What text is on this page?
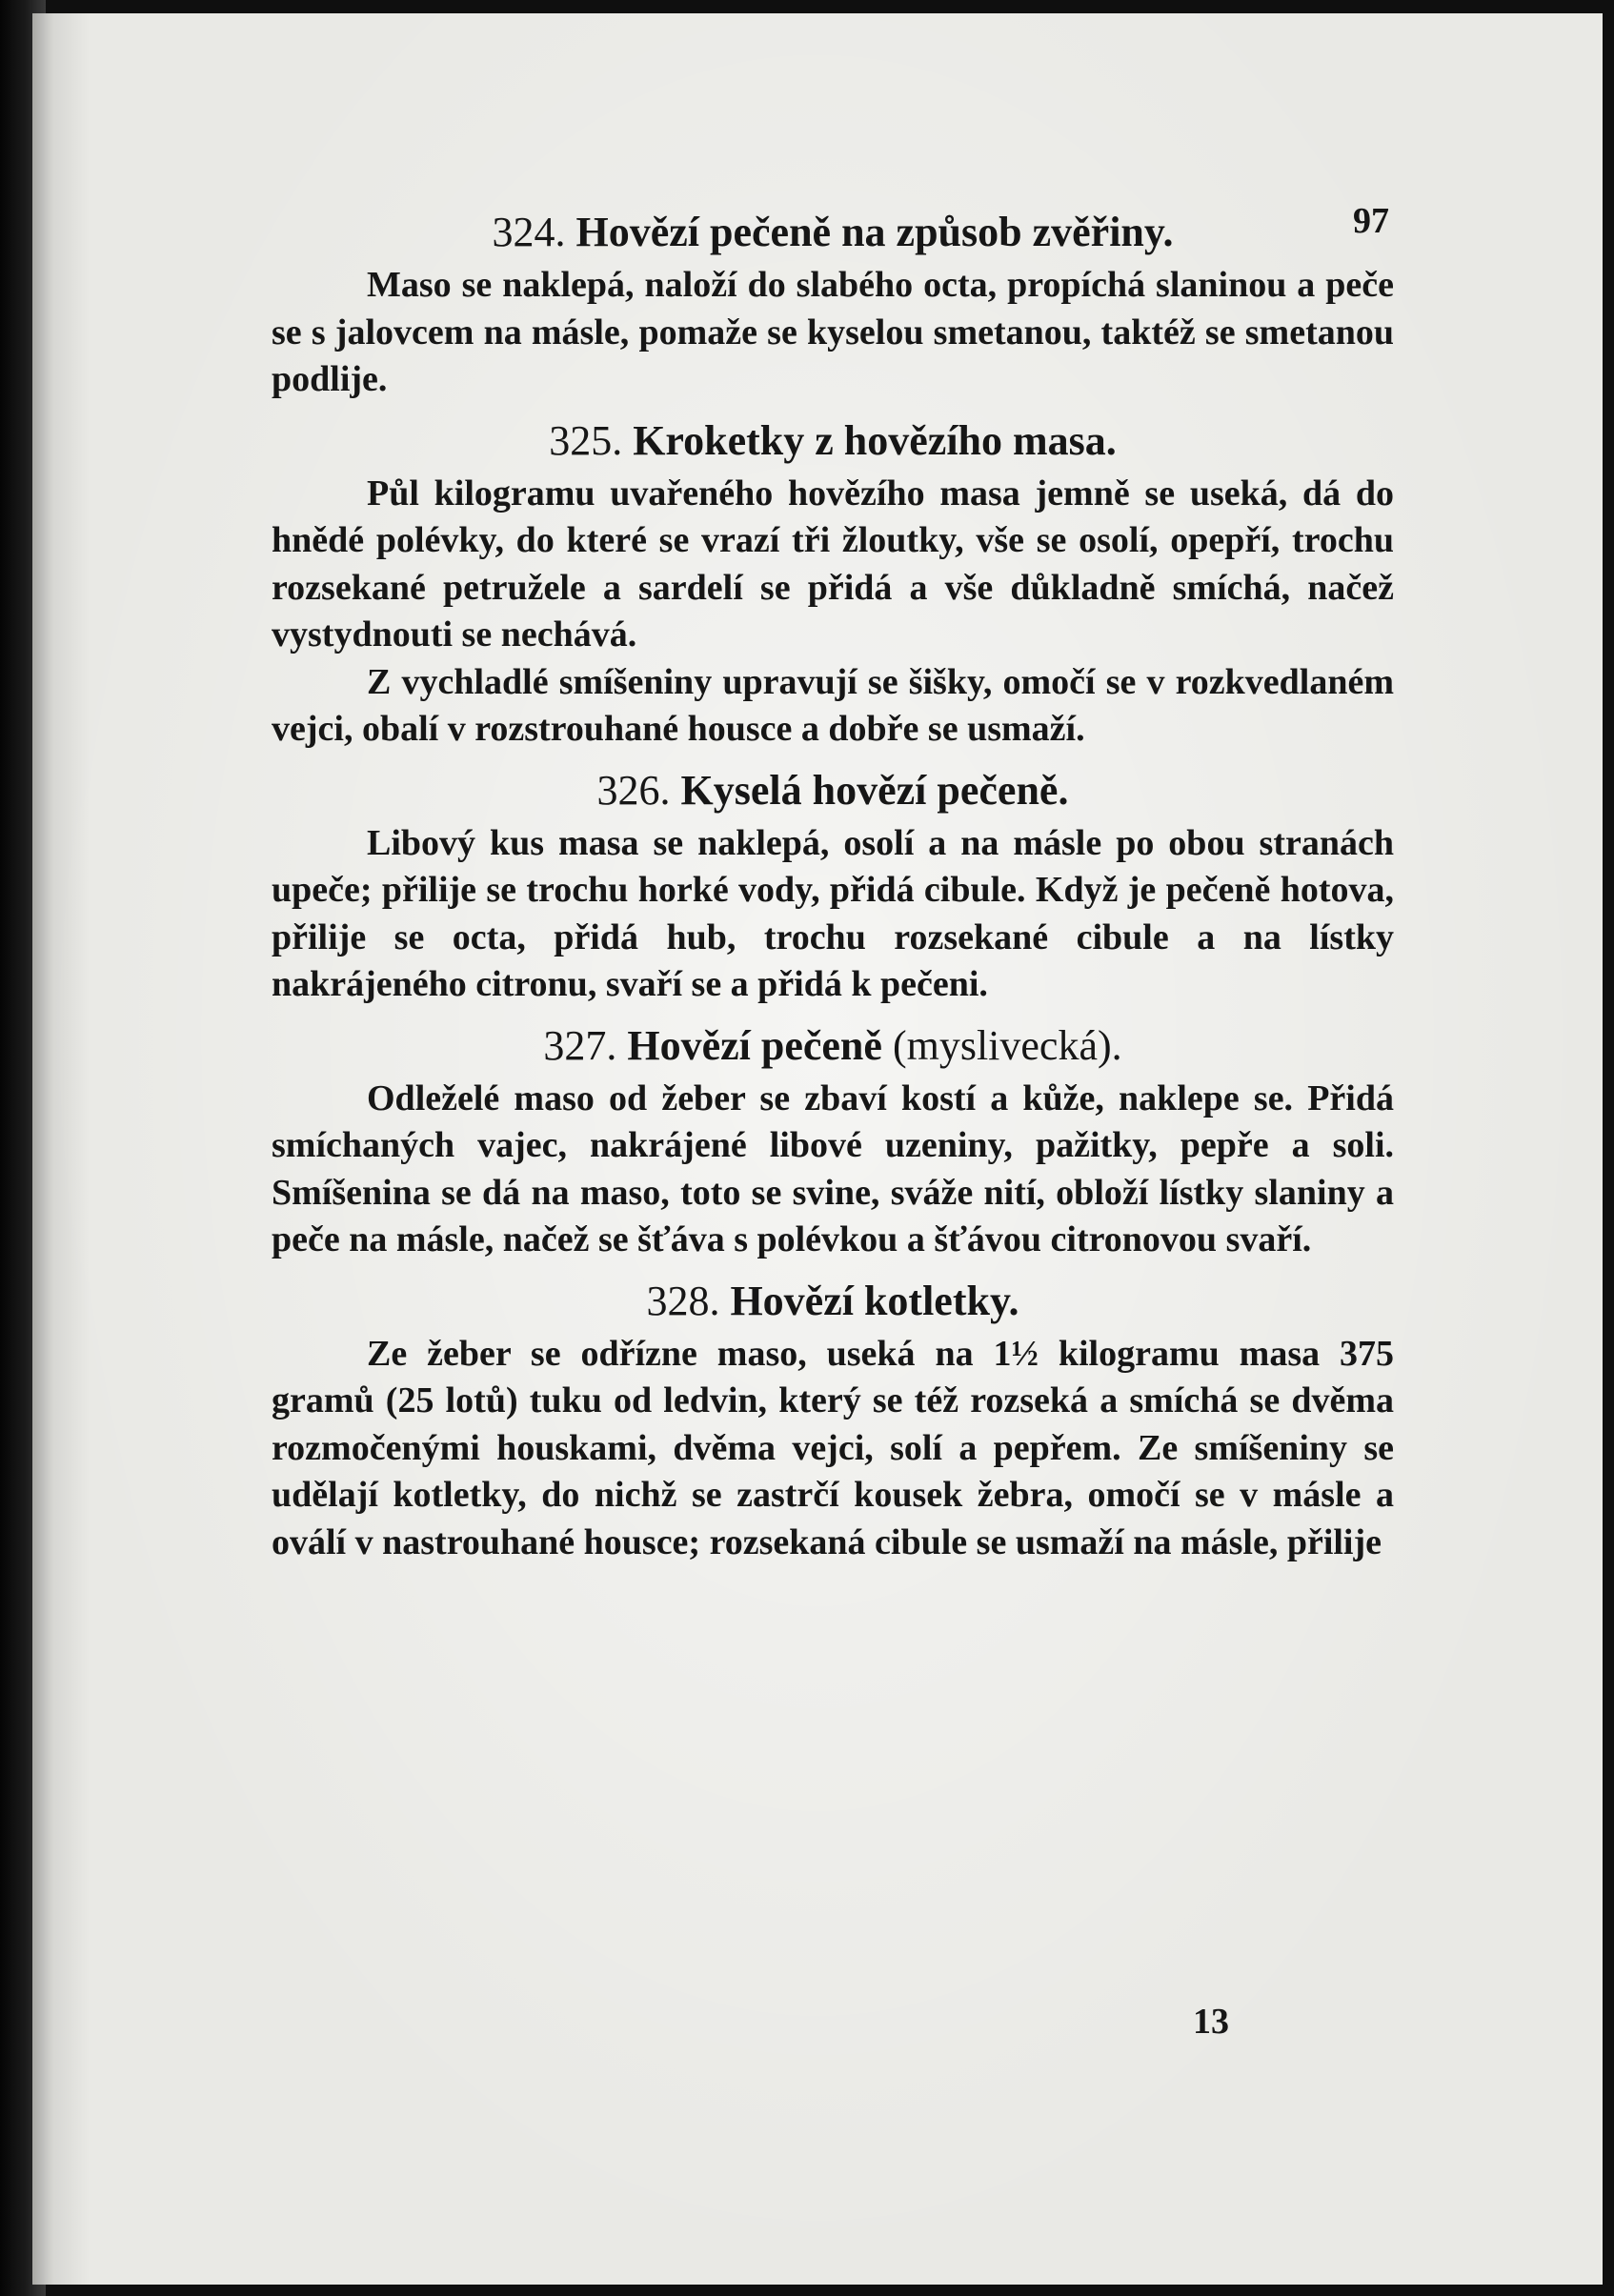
97
324. Hovězí pečeně na způsob zvěřiny.

Maso se naklepá, naloží do slabého octa, propíchá slaninou a peče se s jalovcem na másle, pomaže se kyselou smetanou, taktéž se smetanou podlije.

325. Kroketky z hovězího masa.

Půl kilogramu uvařeného hovězího masa jemně se useká, dá do hnědé polévky, do které se vrazí tři žloutky, vše se osolí, opepří, trochu rozsekané petružele a sardelí se přidá a vše důkladně smíchá, načež vystydnouti se nechává.

Z vychladlé smíšeniny upravují se šišky, omočí se v rozkvedlaném vejci, obalí v rozstrouhané housce a dobře se usmaží.

326. Kyselá hovězí pečeně.

Libový kus masa se naklepá, osolí a na másle po obou stranách upeče; přilije se trochu horké vody, přidá cibule. Když je pečeně hotova, přilije se octa, přidá hub, trochu rozsekané cibule a na lístky nakrájeného citronu, svaří se a přidá k pečeni.

327. Hovězí pečeně (myslivecká).

Odleželé maso od žeber se zbaví kostí a kůže, naklepe se. Přidá smíchaných vajec, nakrájené libové uzeniny, pažitky, pepře a soli. Smíšenina se dá na maso, toto se svine, sváže nití, obloží lístky slaniny a peče na másle, načež se šťáva s polévkou a šťávou citronovou svaří.

328. Hovězí kotletky.

Ze žeber se odřízne maso, useká na 1½ kilogramu masa 375 gramů (25 lotů) tuku od ledvin, který se též rozseká a smíchá se dvěma rozmočenými houskami, dvěma vejci, solí a pepřem. Ze smíšeniny se udělají kotletky, do nichž se zastrčí kousek žebra, omočí se v másle a oválí v nastrouhané housce; rozsekaná cibule se usmaží na másle, přilije

13
